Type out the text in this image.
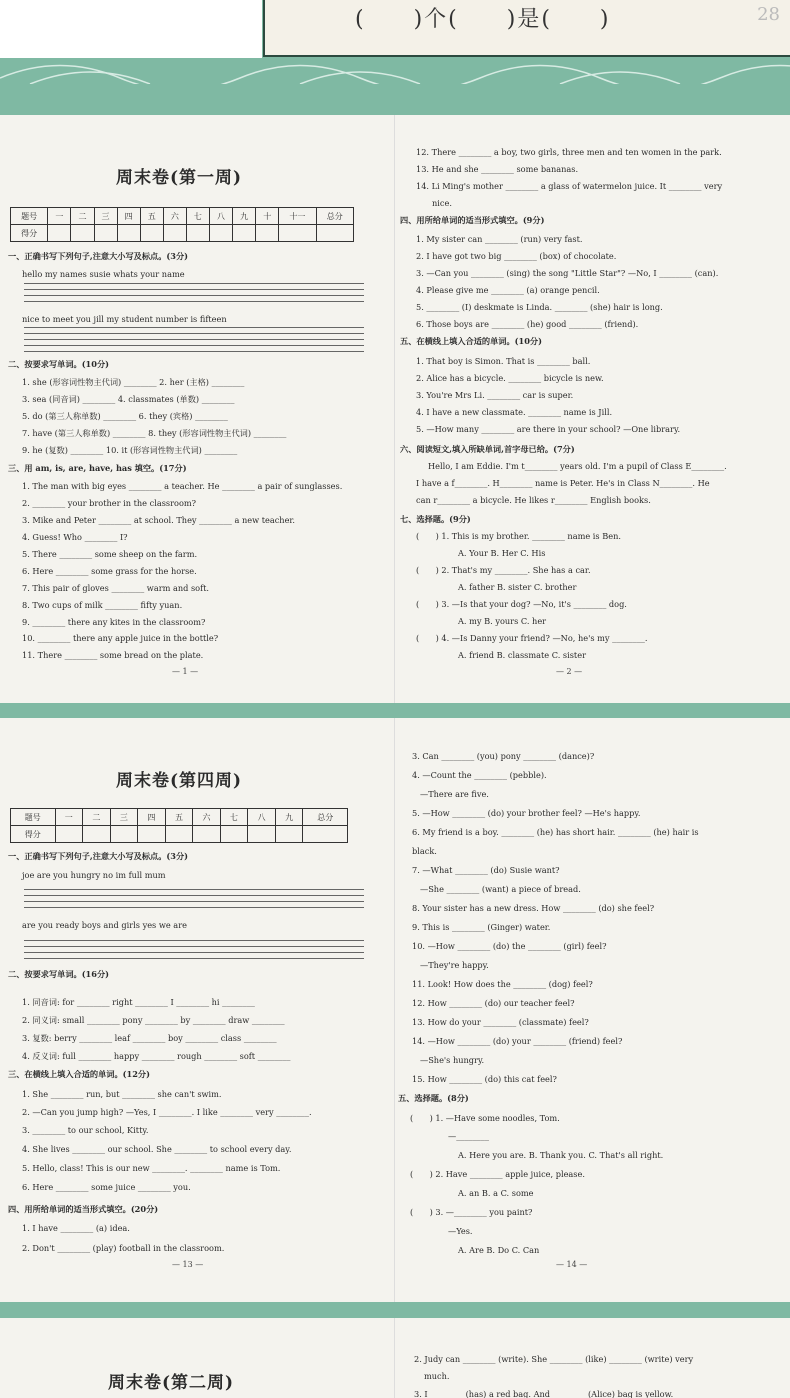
(　　)个(　　)是(　　)	28
周末卷(第一周)
题号	一	二	三	四	五	六	七	八	九	十	十一	总分
得分												
一、正确书写下列句子,注意大小写及标点。(3分)
hello my names susie whats your name
nice to meet you jill my student number is fifteen
二、按要求写单词。(10分)
1. she (形容词性物主代词) ________ 2. her (主格) ________
3. sea (同音词) ________ 4. classmates (单数) ________
5. do (第三人称单数) ________ 6. they (宾格) ________
7. have (第三人称单数) ________ 8. they (形容词性物主代词) ________
9. he (复数) ________ 10. it (形容词性物主代词) ________
三、用 am, is, are, have, has 填空。(17分)
1. The man with big eyes ________ a teacher. He ________ a pair of sunglasses.
2. ________ your brother in the classroom?
3. Mike and Peter ________ at school. They ________ a new teacher.
4. Guess! Who ________ I?
5. There ________ some sheep on the farm.
6. Here ________ some grass for the horse.
7. This pair of gloves ________ warm and soft.
8. Two cups of milk ________ fifty yuan.
9. ________ there any kites in the classroom?
10. ________ there any apple juice in the bottle?
11. There ________ some bread on the plate.
12. There ________ a boy, two girls, three men and ten women in the park.
13. He and she ________ some bananas.
14. Li Ming's mother ________ a glass of watermelon juice. It ________ very
nice.
四、用所给单词的适当形式填空。(9分)
1. My sister can ________ (run) very fast.
2. I have got two big ________ (box) of chocolate.
3. —Can you ________ (sing) the song "Little Star"? —No, I ________ (can).
4. Please give me ________ (a) orange pencil.
5. ________ (I) deskmate is Linda. ________ (she) hair is long.
6. Those boys are ________ (he) good ________ (friend).
五、在横线上填入合适的单词。(10分)
1. That boy is Simon. That is ________ ball.
2. Alice has a bicycle. ________ bicycle is new.
3. You're Mrs Li. ________ car is super.
4. I have a new classmate. ________ name is Jill.
5. —How many ________ are there in your school? —One library.
六、阅读短文,填入所缺单词,首字母已给。(7分)
Hello, I am Eddie. I'm t________ years old. I'm a pupil of Class E________.
I have a f________. H________ name is Peter. He's in Class N________. He
can r________ a bicycle. He likes r________ English books.
七、选择题。(9分)
(　　) 1. This is my brother. ________ name is Ben.
A. Your B. Her C. His
(　　) 2. That's my ________. She has a car.
A. father B. sister C. brother
(　　) 3. —Is that your dog? —No, it's ________ dog.
A. my B. yours C. her
(　　) 4. —Is Danny your friend? —No, he's my ________.
A. friend B. classmate C. sister
— 1 —	— 2 —
周末卷(第四周)
题号	一	二	三	四	五	六	七	八	九	总分
得分										
一、正确书写下列句子,注意大小写及标点。(3分)
joe are you hungry no im full mum
are you ready boys and girls yes we are
二、按要求写单词。(16分)
1. 同音词: for ________ right ________ I ________ hi ________
2. 同义词: small ________ pony ________ by ________ draw ________
3. 复数: berry ________ leaf ________ boy ________ class ________
4. 反义词: full ________ happy ________ rough ________ soft ________
三、在横线上填入合适的单词。(12分)
1. She ________ run, but ________ she can't swim.
2. —Can you jump high? —Yes, I ________. I like ________ very ________.
3. ________ to our school, Kitty.
4. She lives ________ our school. She ________ to school every day.
5. Hello, class! This is our new ________. ________ name is Tom.
6. Here ________ some juice ________ you.
四、用所给单词的适当形式填空。(20分)
1. I have ________ (a) idea.
2. Don't ________ (play) football in the classroom.
3. Can ________ (you) pony ________ (dance)?
4. —Count the ________ (pebble).
—There are five.
5. —How ________ (do) your brother feel? —He's happy.
6. My friend is a boy. ________ (he) has short hair. ________ (he) hair is
black.
7. —What ________ (do) Susie want?
—She ________ (want) a piece of bread.
8. Your sister has a new dress. How ________ (do) she feel?
9. This is ________ (Ginger) water.
10. —How ________ (do) the ________ (girl) feel?
—They're happy.
11. Look! How does the ________ (dog) feel?
12. How ________ (do) our teacher feel?
13. How do your ________ (classmate) feel?
14. —How ________ (do) your ________ (friend) feel?
—She's hungry.
15. How ________ (do) this cat feel?
五、选择题。(8分)
(　　) 1. —Have some noodles, Tom.
—________
A. Here you are. B. Thank you. C. That's all right.
(　　) 2. Have ________ apple juice, please.
A. an B. a C. some
(　　) 3. —________ you paint?
—Yes.
A. Are B. Do C. Can
— 13 —	— 14 —
周末卷(第二周)
2. Judy can ________ (write). She ________ (like) ________ (write) very
much.
3. I ________ (has) a red bag. And ________ (Alice) bag is yellow.
